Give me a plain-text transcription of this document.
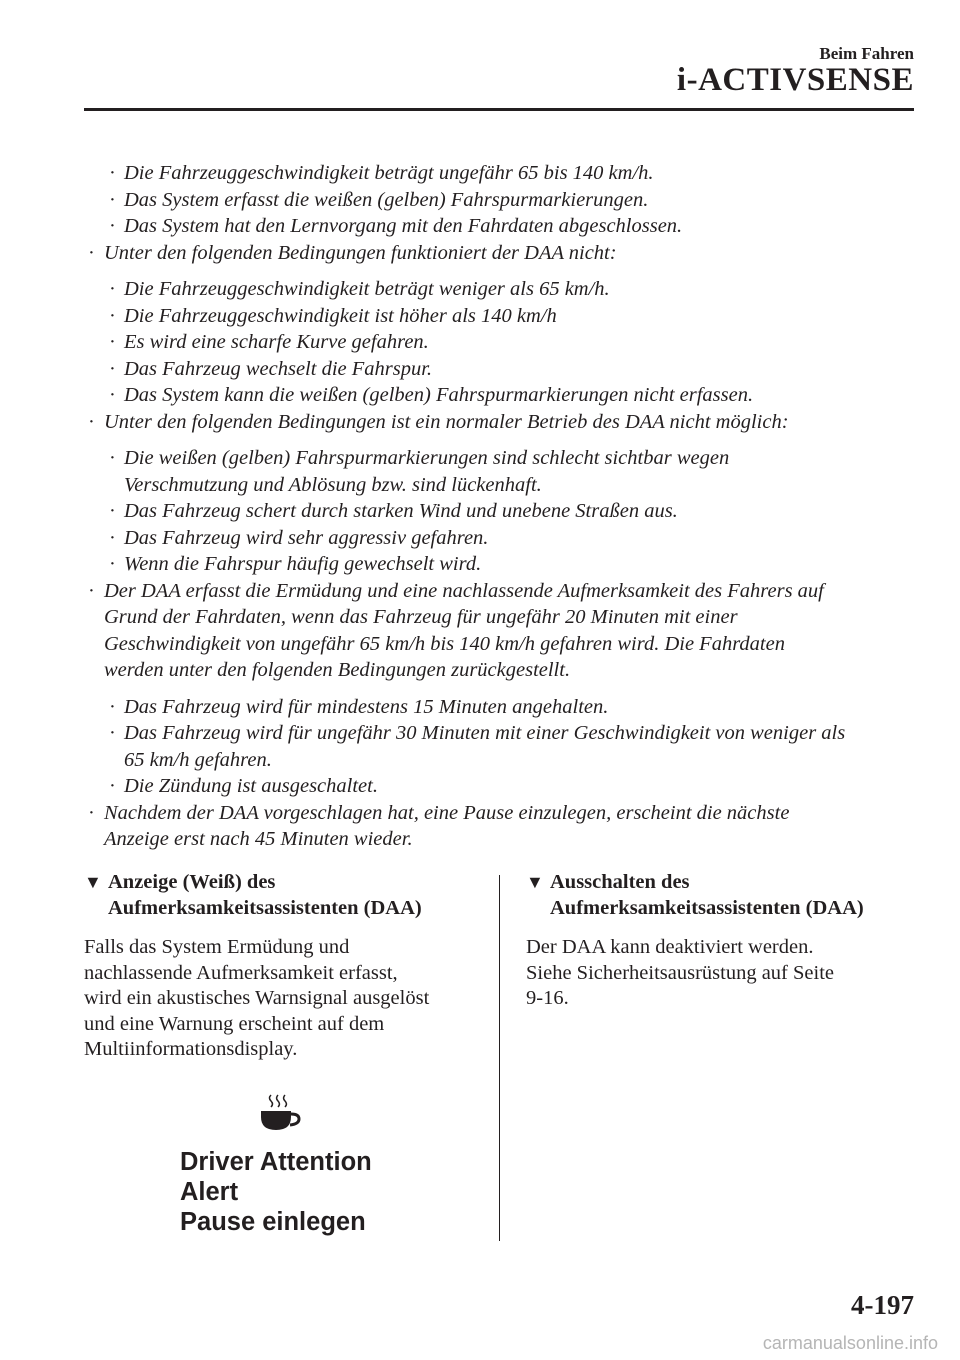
Beim Fahren
i-ACTIVSENSE
· Die Fahrzeuggeschwindigkeit beträgt ungefähr 65 bis 140 km/h.
· Das System erfasst die weißen (gelben) Fahrspurmarkierungen.
· Das System hat den Lernvorgang mit den Fahrdaten abgeschlossen.
· Unter den folgenden Bedingungen funktioniert der DAA nicht:
· Die Fahrzeuggeschwindigkeit beträgt weniger als 65 km/h.
· Die Fahrzeuggeschwindigkeit ist höher als 140 km/h
· Es wird eine scharfe Kurve gefahren.
· Das Fahrzeug wechselt die Fahrspur.
· Das System kann die weißen (gelben) Fahrspurmarkierungen nicht erfassen.
· Unter den folgenden Bedingungen ist ein normaler Betrieb des DAA nicht möglich:
· Die weißen (gelben) Fahrspurmarkierungen sind schlecht sichtbar wegen
Verschmutzung und Ablösung bzw. sind lückenhaft.
· Das Fahrzeug schert durch starken Wind und unebene Straßen aus.
· Das Fahrzeug wird sehr aggressiv gefahren.
· Wenn die Fahrspur häufig gewechselt wird.
· Der DAA erfasst die Ermüdung und eine nachlassende Aufmerksamkeit des Fahrers auf
Grund der Fahrdaten, wenn das Fahrzeug für ungefähr 20 Minuten mit einer
Geschwindigkeit von ungefähr 65 km/h bis 140 km/h gefahren wird. Die Fahrdaten
werden unter den folgenden Bedingungen zurückgestellt.
· Das Fahrzeug wird für mindestens 15 Minuten angehalten.
· Das Fahrzeug wird für ungefähr 30 Minuten mit einer Geschwindigkeit von weniger als
65 km/h gefahren.
· Die Zündung ist ausgeschaltet.
· Nachdem der DAA vorgeschlagen hat, eine Pause einzulegen, erscheint die nächste
Anzeige erst nach 45 Minuten wieder.
▼ Anzeige (Weiß) des
Aufmerksamkeitsassistenten (DAA)
Falls das System Ermüdung und
nachlassende Aufmerksamkeit erfasst,
wird ein akustisches Warnsignal ausgelöst
und eine Warnung erscheint auf dem
Multiinformationsdisplay.
Driver Attention
Alert
Pause einlegen
▼ Ausschalten des
Aufmerksamkeitsassistenten (DAA)
Der DAA kann deaktiviert werden.
Siehe Sicherheitsausrüstung auf Seite
9-16.
4-197
carmanualsonline.info
